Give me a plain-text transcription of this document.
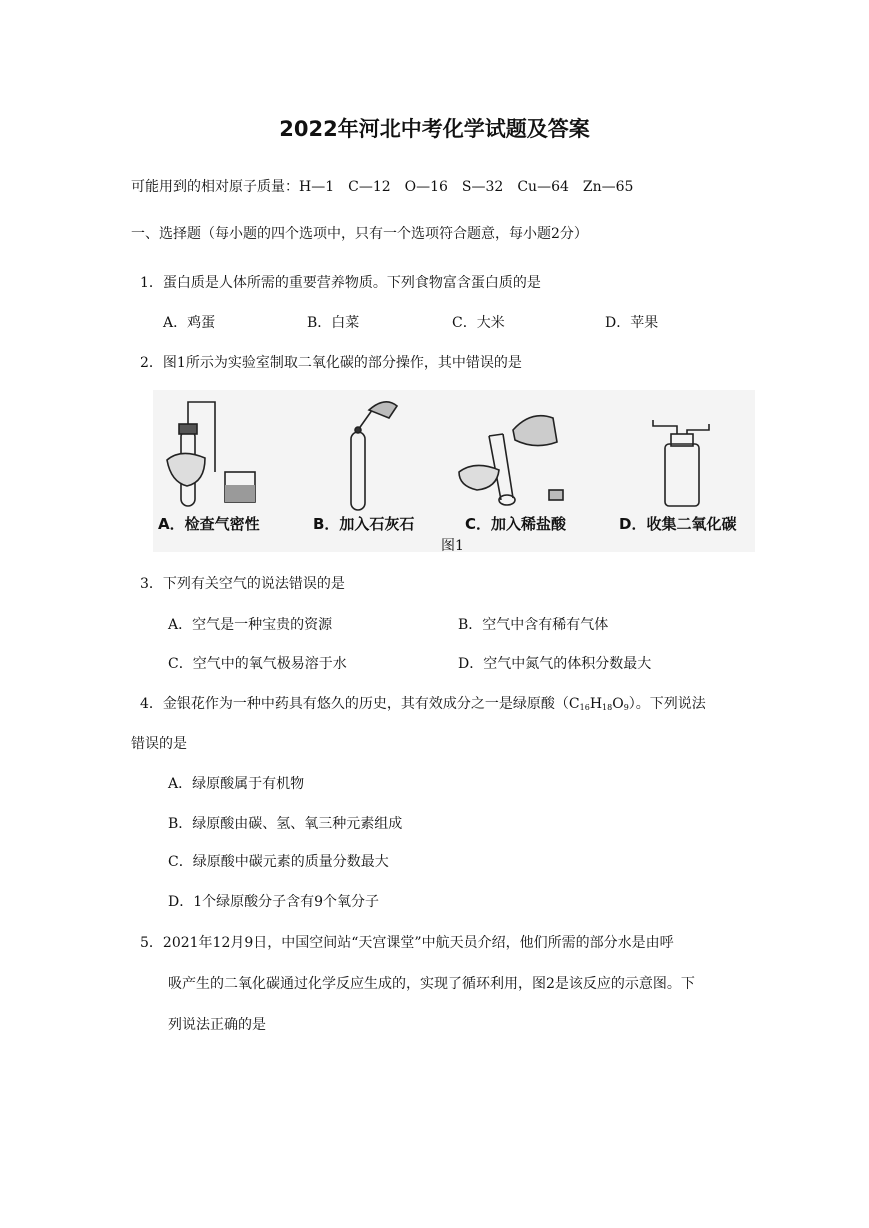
2022年河北中考化学试题及答案
可能用到的相对原子质量：H—1　C—12　O—16　S—32　Cu—64　Zn—65
一、选择题（每小题的四个选项中，只有一个选项符合题意，每小题2分）
1．蛋白质是人体所需的重要营养物质。下列食物富含蛋白质的是
A．鸡蛋	B．白菜	C．大米	D．苹果
2．图1所示为实验室制取二氧化碳的部分操作，其中错误的是
A．检查气密性	B．加入石灰石	C．加入稀盐酸	D．收集二氧化碳
图1
3．下列有关空气的说法错误的是
A．空气是一种宝贵的资源	B．空气中含有稀有气体
C．空气中的氧气极易溶于水	D．空气中氮气的体积分数最大
4．金银花作为一种中药具有悠久的历史，其有效成分之一是绿原酸$(C_{16}H_{18}O_9)$。下列说法
错误的是
A．绿原酸属于有机物
B．绿原酸由碳、氢、氧三种元素组成
C．绿原酸中碳元素的质量分数最大
D．1个绿原酸分子含有9个氧分子
5．2021年12月9日，中国空间站“天宫课堂”中航天员介绍，他们所需的部分水是由呼
吸产生的二氧化碳通过化学反应生成的，实现了循环利用，图2是该反应的示意图。下
列说法正确的是
